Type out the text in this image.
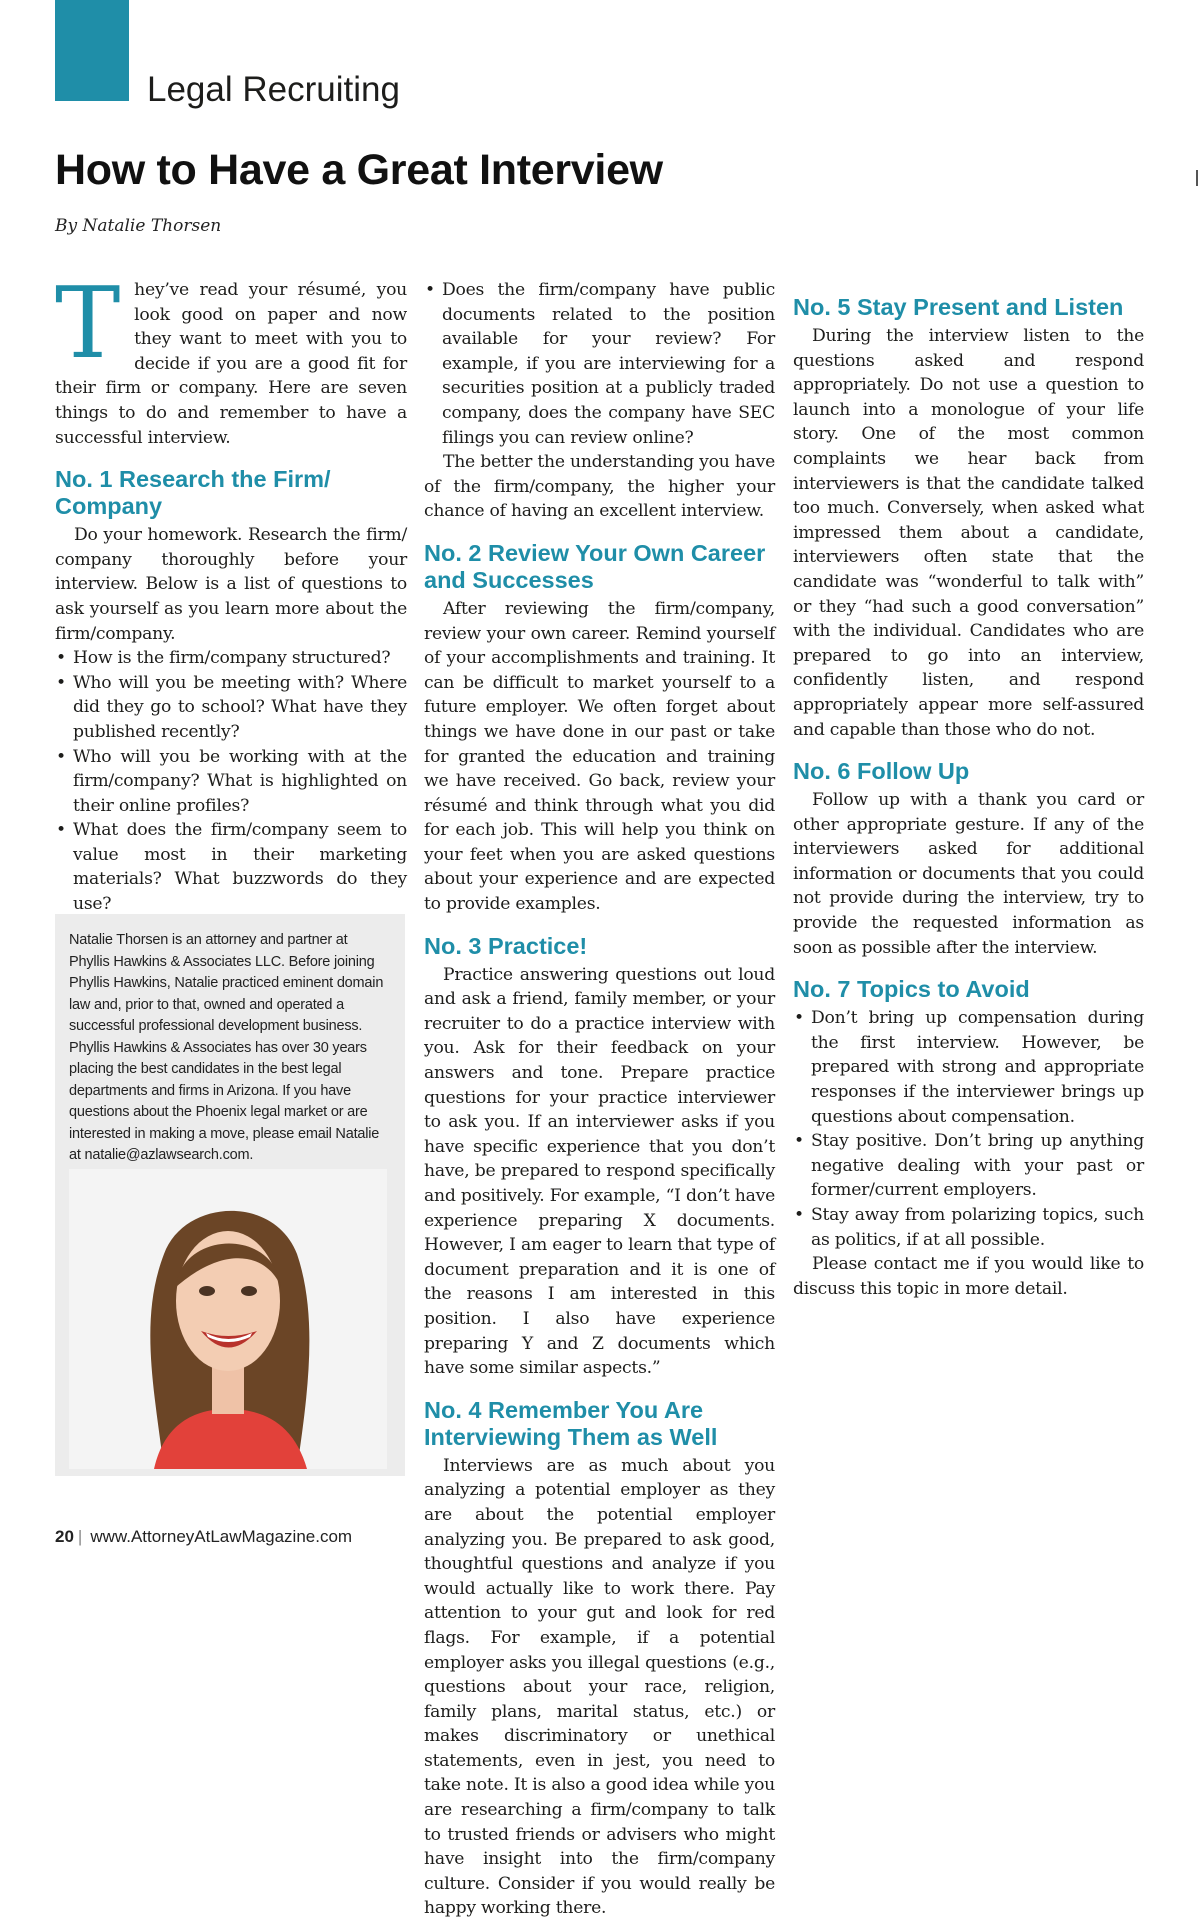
Legal Recruiting
How to Have a Great Interview
By Natalie Thorsen

They’ve read your résumé, you look good on paper and now they want to meet with you to decide if you are a good fit for their firm or company. Here are seven things to do and remember to have a successful interview.

No. 1 Research the Firm/ Company

Do your homework. Research the firm/ company thoroughly before your interview. Below is a list of questions to ask yourself as you learn more about the firm/company.

• How is the firm/company structured?
• Who will you be meeting with? Where did they go to school? What have they published recently?
• Who will you be working with at the firm/company? What is highlighted on their online profiles?
• What does the firm/company seem to value most in their marketing materials? What buzzwords do they use?
Natalie Thorsen is an attorney and partner at Phyllis Hawkins & Associates LLC. Before joining Phyllis Hawkins, Natalie practiced eminent domain law and, prior to that, owned and operated a successful professional development business. Phyllis Hawkins & Associates has over 30 years placing the best candidates in the best legal departments and firms in Arizona. If you have questions about the Phoenix legal market or are interested in making a move, please email Natalie at natalie@azlawsearch.com.
• Does the firm/company have public documents related to the position available for your review? For example, if you are interviewing for a securities position at a publicly traded company, does the company have SEC filings you can review online?

The better the understanding you have of the firm/company, the higher your chance of having an excellent interview.

No. 2 Review Your Own Career and Successes

After reviewing the firm/company, review your own career. Remind yourself of your accomplishments and training. It can be difficult to market yourself to a future employer. We often forget about things we have done in our past or take for granted the education and training we have received. Go back, review your résumé and think through what you did for each job. This will help you think on your feet when you are asked questions about your experience and are expected to provide examples.

No. 3 Practice!

Practice answering questions out loud and ask a friend, family member, or your recruiter to do a practice interview with you. Ask for their feedback on your answers and tone. Prepare practice questions for your practice interviewer to ask you. If an interviewer asks if you have specific experience that you don’t have, be prepared to respond specifically and positively. For example, “I don’t have experience preparing X documents. However, I am eager to learn that type of document preparation and it is one of the reasons I am interested in this position. I also have experience preparing Y and Z documents which have some similar aspects.”

No. 4 Remember You Are Interviewing Them as Well

Interviews are as much about you analyzing a potential employer as they are about the potential employer analyzing you. Be prepared to ask good, thoughtful questions and analyze if you would actually like to work there. Pay attention to your gut and look for red flags. For example, if a potential employer asks you illegal questions (e.g., questions about your race, religion, family plans, marital status, etc.) or makes discriminatory or unethical statements, even in jest, you need to take note. It is also a good idea while you are researching a firm/company to talk to trusted friends or advisers who might have insight into the firm/company culture. Consider if you would really be happy working there.

No. 5 Stay Present and Listen

During the interview listen to the questions asked and respond appropriately. Do not use a question to launch into a monologue of your life story. One of the most common complaints we hear back from interviewers is that the candidate talked too much. Conversely, when asked what impressed them about a candidate, interviewers often state that the candidate was “wonderful to talk with” or they “had such a good conversation” with the individual. Candidates who are prepared to go into an interview, confidently listen, and respond appropriately appear more self-assured and capable than those who do not.

No. 6 Follow Up

Follow up with a thank you card or other appropriate gesture. If any of the interviewers asked for additional information or documents that you could not provide during the interview, try to provide the requested information as soon as possible after the interview.

No. 7 Topics to Avoid
• Don’t bring up compensation during the first interview. However, be prepared with strong and appropriate responses if the interviewer brings up questions about compensation.
• Stay positive. Don’t bring up anything negative dealing with your past or former/current employers.
• Stay away from polarizing topics, such as politics, if at all possible.

Please contact me if you would like to discuss this topic in more detail.

20 | www.AttorneyAtLawMagazine.com
